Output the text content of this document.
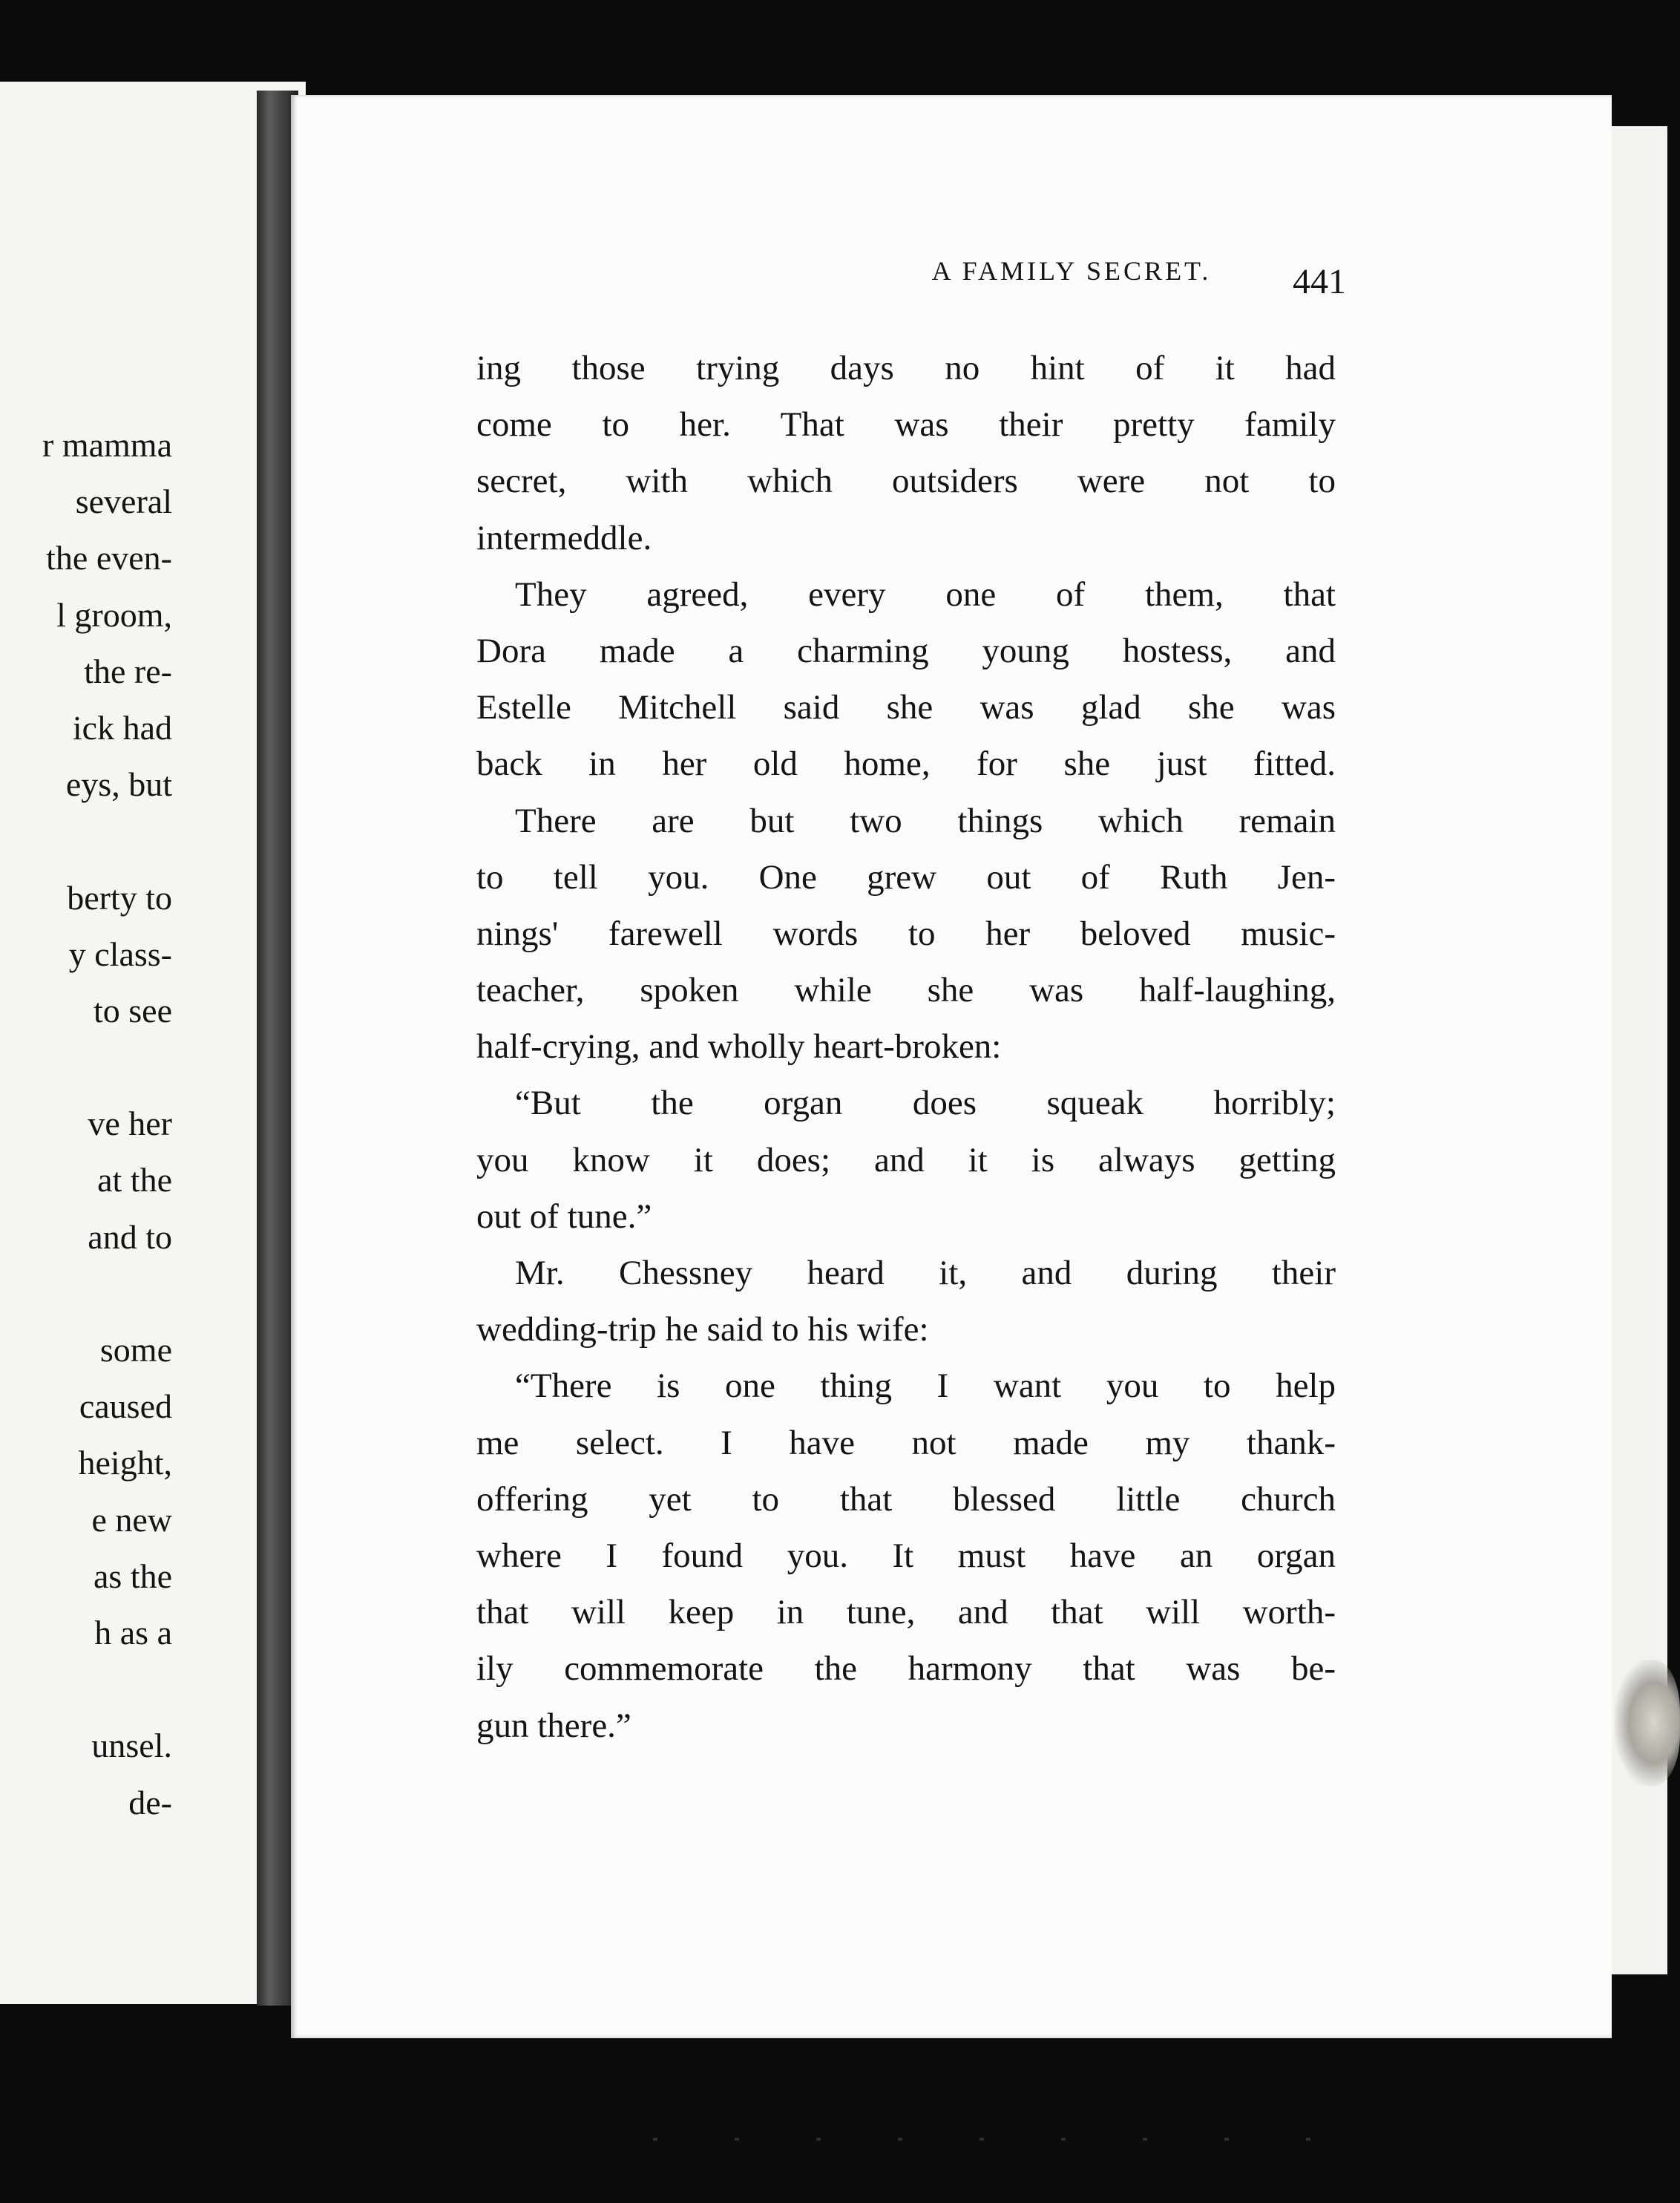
r mamma
several
the even-
l groom,
the re-
ick had
eys, but
berty to
y class-
to see
ve her
at the
and to
some
caused
height,
e new
as the
h as a
unsel.
de-
A FAMILY SECRET.	441
ing those trying days no hint of it had
come to her. That was their pretty family
secret, with which outsiders were not to
intermeddle.
They agreed, every one of them, that
Dora made a charming young hostess, and
Estelle Mitchell said she was glad she was
back in her old home, for she just fitted.
There are but two things which remain
to tell you. One grew out of Ruth Jen-
nings' farewell words to her beloved music-
teacher, spoken while she was half-laughing,
half-crying, and wholly heart-broken:
“But the organ does squeak horribly;
you know it does; and it is always getting
out of tune.”
Mr. Chessney heard it, and during their
wedding-trip he said to his wife:
“There is one thing I want you to help
me select. I have not made my thank-
offering yet to that blessed little church
where I found you. It must have an organ
that will keep in tune, and that will worth-
ily commemorate the harmony that was be-
gun there.”
